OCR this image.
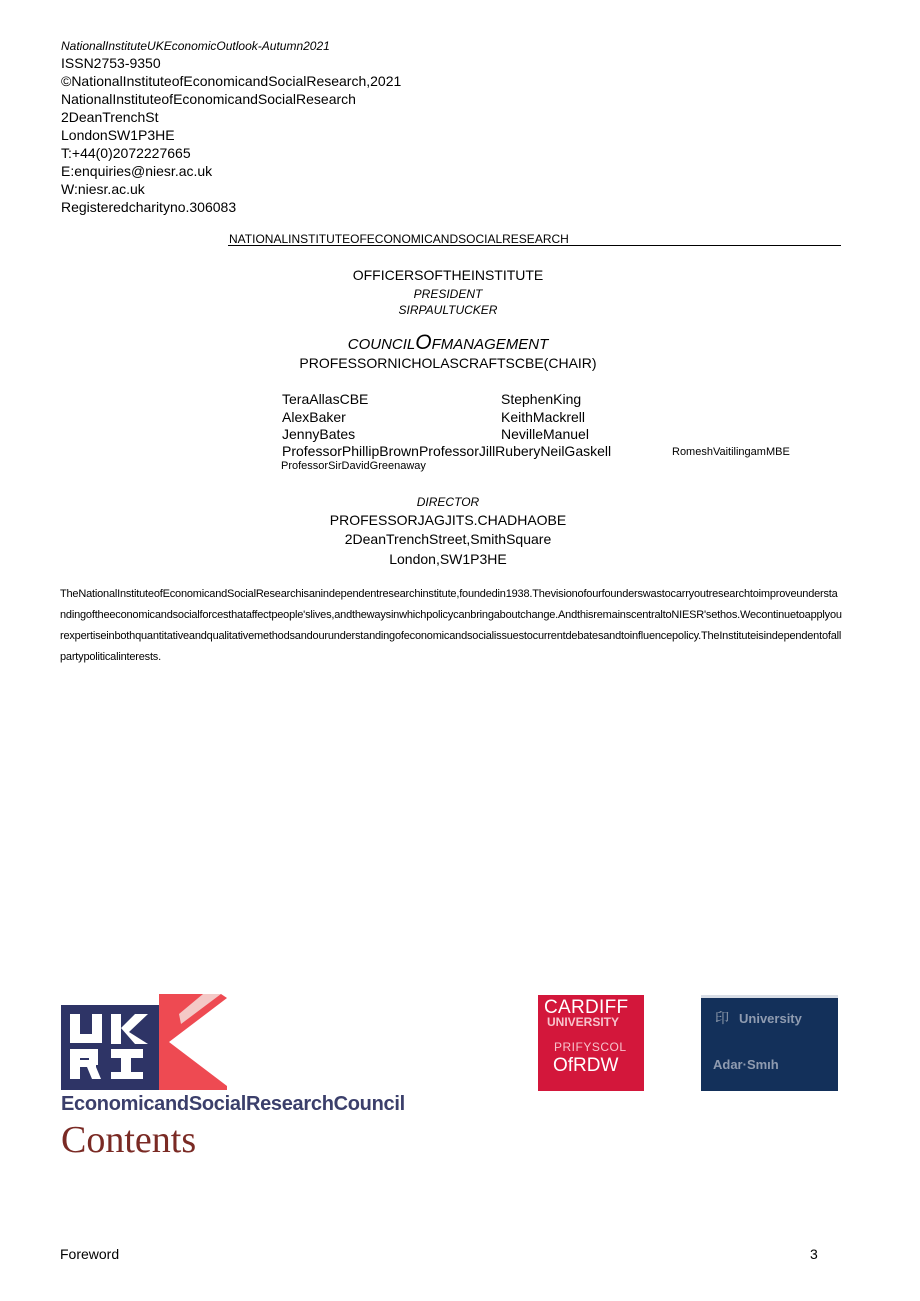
NationalInstituteUKEconomicOutlook-Autumn2021
ISSN2753-9350
©NationalInstituteofEconomicandSocialResearch,2021
NationalInstituteofEconomicandSocialResearch
2DeanTrenchSt
LondonSW1P3HE
T:+44(0)2072227665
E:enquiries@niesr.ac.uk
W:niesr.ac.uk
Registeredcharityno.306083
NATIONALINSTITUTEOFECONOMICANDSOCIALRESEARCH
OFFICERSOFTHEINSTITUTE
PRESIDENT
SIRPAULTUCKER
COUNCILOFMANAGEMENT
PROFESSORNICHOLASCRAFTSCBE(CHAIR)
TeraAllasCBE
AlexBaker
JennyBates
StephenKing
KeithMackrell
NevilleManuel
ProfessorPhillipBrownProfessorJillRuberyNeilGaskell	RomeshVaitilingamMBE
ProfessorSirDavidGreenaway
DIRECTOR
PROFESSORJAGJITS.CHADHAOBE
2DeanTrenchStreet,SmithSquare
London,SW1P3HE
TheNationalInstituteofEconomicandSocialResearchisanindependentresearchinstitute,foundedin1938.Thevisionofourfounderswastocarryoutresearchtoimproveunderstandingoftheeconomicandsocialforcesthataffectpeople'slives,andthewaysinwhichpolicycanbringaboutchange.AndthisremainscentraltoNIESR'sethos.Wecontinuetoapplyourexpertiseinbothquantitativeandqualitativemethodsandourunderstandingofeconomicandsocialissuestocurrentdebatesandtoinfluencepolicy.TheInstituteisindependentofallpartypoliticalinterests.
CARDIFF
UNIVERSITY
PRIFYSCOL
OfRDW
印 University
Adar·Smıh
EconomicandSocialResearchCouncil
Contents
Foreword	3
